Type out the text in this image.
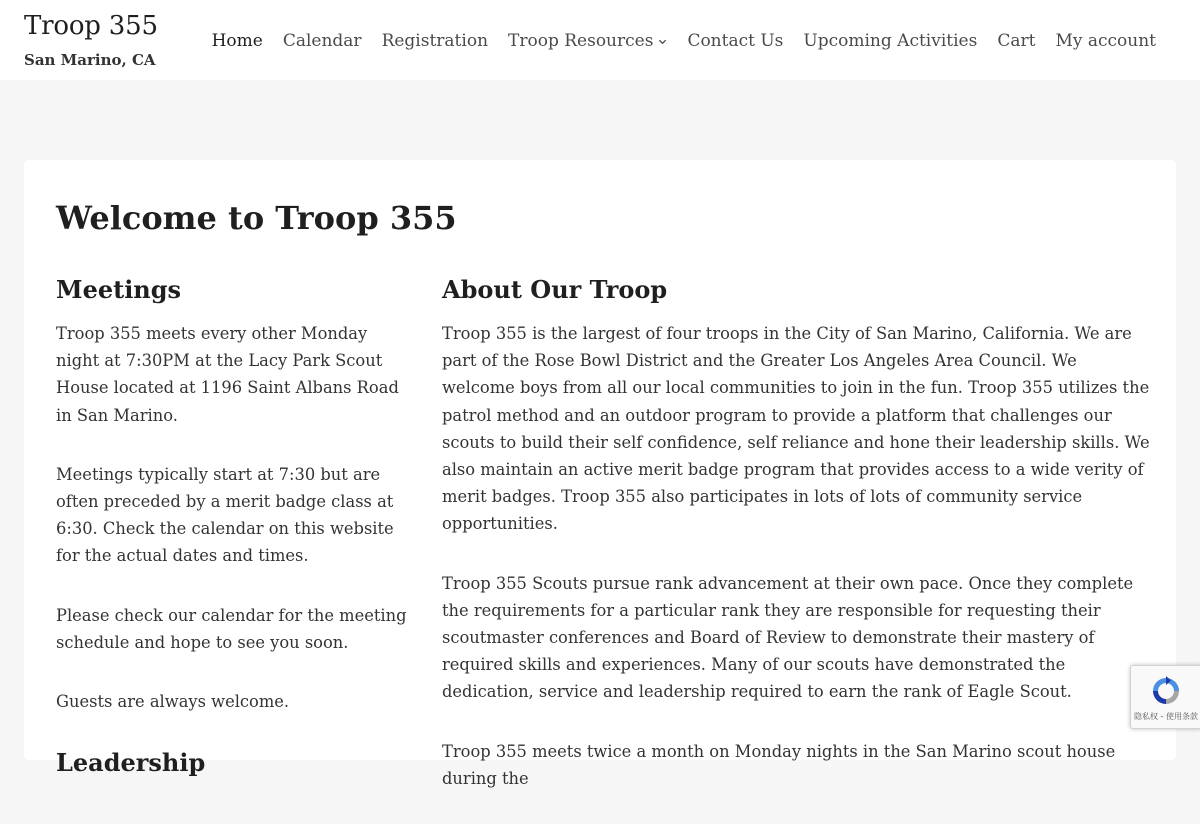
Troop 355
San Marino, CA
Home Calendar Registration Troop Resources Contact Us Upcoming Activities Cart My account
Welcome to Troop 355
Meetings

Troop 355 meets every other Monday night at 7:30PM at the Lacy Park Scout House located at 1196 Saint Albans Road in San Marino.

Meetings typically start at 7:30 but are often preceded by a merit badge class at 6:30. Check the calendar on this website for the actual dates and times.

Please check our calendar for the meeting schedule and hope to see you soon.

Guests are always welcome.

Leadership
About Our Troop

Troop 355 is the largest of four troops in the City of San Marino, California. We are part of the Rose Bowl District and the Greater Los Angeles Area Council. We welcome boys from all our local communities to join in the fun. Troop 355 utilizes the patrol method and an outdoor program to provide a platform that challenges our scouts to build their self confidence, self reliance and hone their leadership skills. We also maintain an active merit badge program that provides access to a wide verity of merit badges. Troop 355 also participates in lots of lots of community service opportunities.

Troop 355 Scouts pursue rank advancement at their own pace. Once they complete the requirements for a particular rank they are responsible for requesting their scoutmaster conferences and Board of Review to demonstrate their mastery of required skills and experiences. Many of our scouts have demonstrated the dedication, service and leadership required to earn the rank of Eagle Scout.

Troop 355 meets twice a month on Monday nights in the San Marino scout house during the

隐私权 - 使用条款
